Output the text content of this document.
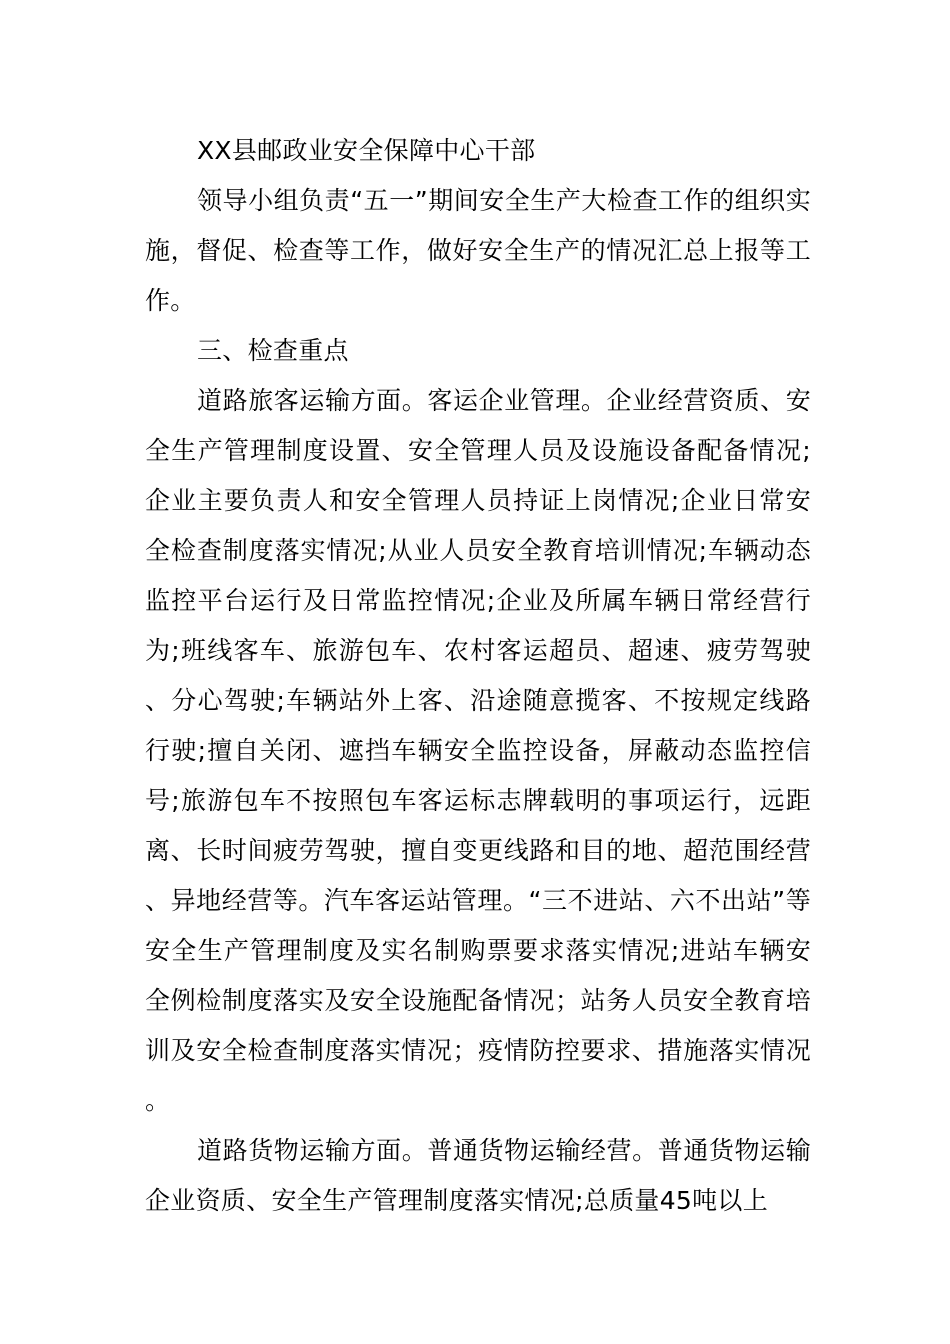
XX县邮政业安全保障中心干部

领导小组负责“五一”期间安全生产大检查工作的组织实施，督促、检查等工作，做好安全生产的情况汇总上报等工作。

三、检查重点

道路旅客运输方面。客运企业管理。企业经营资质、安全生产管理制度设置、安全管理人员及设施设备配备情况;企业主要负责人和安全管理人员持证上岗情况;企业日常安全检查制度落实情况;从业人员安全教育培训情况;车辆动态监控平台运行及日常监控情况;企业及所属车辆日常经营行为;班线客车、旅游包车、农村客运超员、超速、疲劳驾驶、分心驾驶;车辆站外上客、沿途随意揽客、不按规定线路行驶;擅自关闭、遮挡车辆安全监控设备，屏蔽动态监控信号;旅游包车不按照包车客运标志牌载明的事项运行，远距离、长时间疲劳驾驶，擅自变更线路和目的地、超范围经营、异地经营等。汽车客运站管理。“三不进站、六不出站”等安全生产管理制度及实名制购票要求落实情况;进站车辆安全例检制度落实及安全设施配备情况；站务人员安全教育培训及安全检查制度落实情况；疫情防控要求、措施落实情况。

道路货物运输方面。普通货物运输经营。普通货物运输企业资质、安全生产管理制度落实情况;总质量45吨以上
